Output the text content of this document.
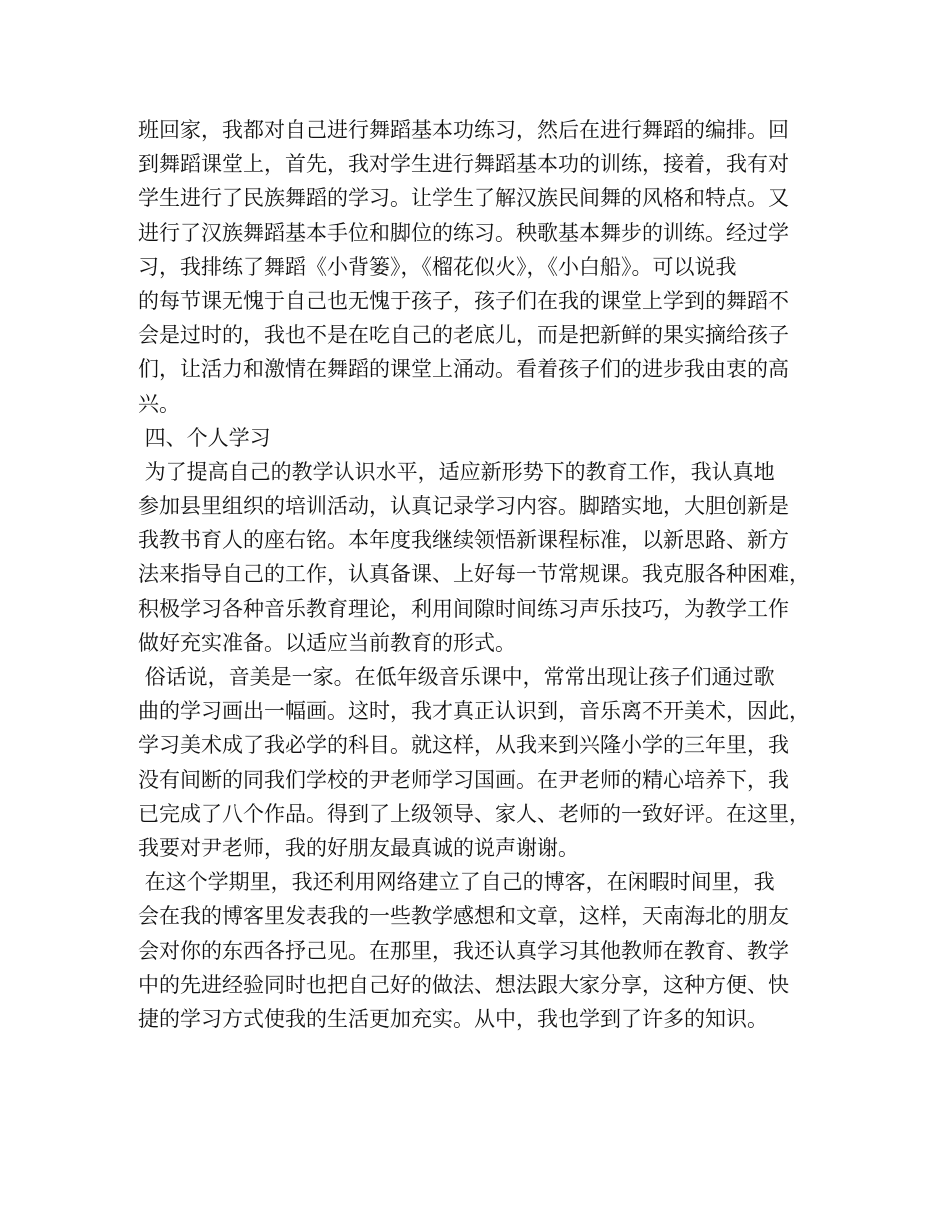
班回家，我都对自己进行舞蹈基本功练习，然后在进行舞蹈的编排。回
到舞蹈课堂上，首先，我对学生进行舞蹈基本功的训练，接着，我有对
学生进行了民族舞蹈的学习。让学生了解汉族民间舞的风格和特点。又
进行了汉族舞蹈基本手位和脚位的练习。秧歌基本舞步的训练。经过学
习，我排练了舞蹈《小背篓》，《榴花似火》，《小白船》。可以说我
的每节课无愧于自己也无愧于孩子，孩子们在我的课堂上学到的舞蹈不
会是过时的，我也不是在吃自己的老底儿，而是把新鲜的果实摘给孩子
们，让活力和激情在舞蹈的课堂上涌动。看着孩子们的进步我由衷的高
兴。
四、个人学习
为了提高自己的教学认识水平，适应新形势下的教育工作，我认真地
参加县里组织的培训活动，认真记录学习内容。脚踏实地，大胆创新是
我教书育人的座右铭。本年度我继续领悟新课程标准，以新思路、新方
法来指导自己的工作，认真备课、上好每一节常规课。我克服各种困难，
积极学习各种音乐教育理论，利用间隙时间练习声乐技巧，为教学工作
做好充实准备。以适应当前教育的形式。
俗话说，音美是一家。在低年级音乐课中，常常出现让孩子们通过歌
曲的学习画出一幅画。这时，我才真正认识到，音乐离不开美术，因此，
学习美术成了我必学的科目。就这样，从我来到兴隆小学的三年里，我
没有间断的同我们学校的尹老师学习国画。在尹老师的精心培养下，我
已完成了八个作品。得到了上级领导、家人、老师的一致好评。在这里，
我要对尹老师，我的好朋友最真诚的说声谢谢。
在这个学期里，我还利用网络建立了自己的博客，在闲暇时间里，我
会在我的博客里发表我的一些教学感想和文章，这样，天南海北的朋友
会对你的东西各抒己见。在那里，我还认真学习其他教师在教育、教学
中的先进经验同时也把自己好的做法、想法跟大家分享，这种方便、快
捷的学习方式使我的生活更加充实。从中，我也学到了许多的知识。
